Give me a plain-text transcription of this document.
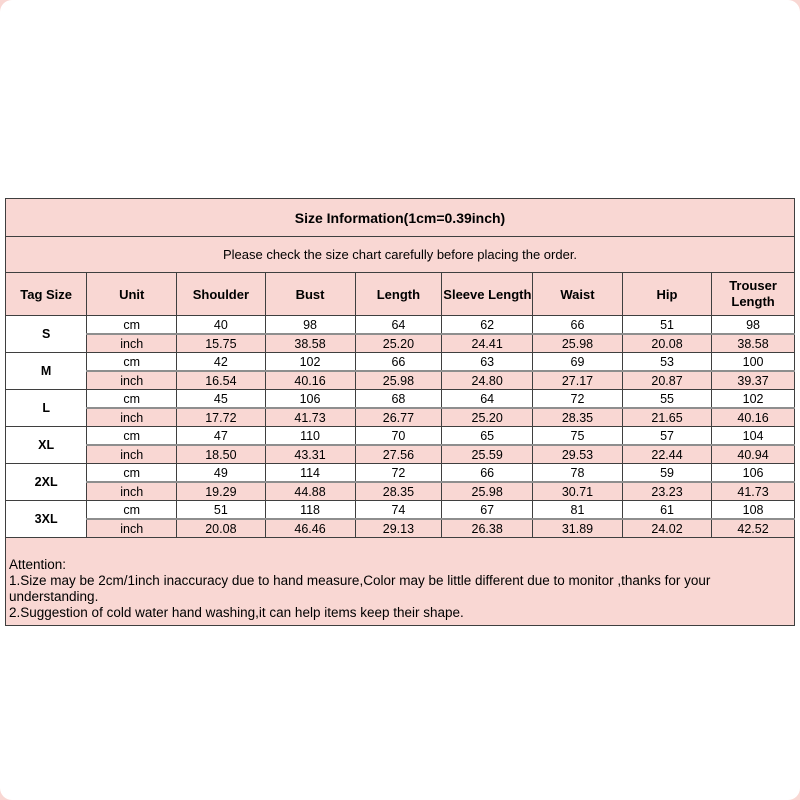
Size Information(1cm=0.39inch)								
Please check the size chart carefully before placing the order.								
Tag Size	Unit	Shoulder	Bust	Length	Sleeve Length	Waist	Hip	Trouser Length
S	cm	40	98	64	62	66	51	98
	inch	15.75	38.58	25.20	24.41	25.98	20.08	38.58
M	cm	42	102	66	63	69	53	100
	inch	16.54	40.16	25.98	24.80	27.17	20.87	39.37
L	cm	45	106	68	64	72	55	102
	inch	17.72	41.73	26.77	25.20	28.35	21.65	40.16
XL	cm	47	110	70	65	75	57	104
	inch	18.50	43.31	27.56	25.59	29.53	22.44	40.94
2XL	cm	49	114	72	66	78	59	106
	inch	19.29	44.88	28.35	25.98	30.71	23.23	41.73
3XL	cm	51	118	74	67	81	61	108
	inch	20.08	46.46	29.13	26.38	31.89	24.02	42.52
Attention:
1.Size may be 2cm/1inch inaccuracy due to hand measure,Color may be little different due to monitor ,thanks for your understanding.
2.Suggestion of cold water hand washing,it can help items keep their shape.
